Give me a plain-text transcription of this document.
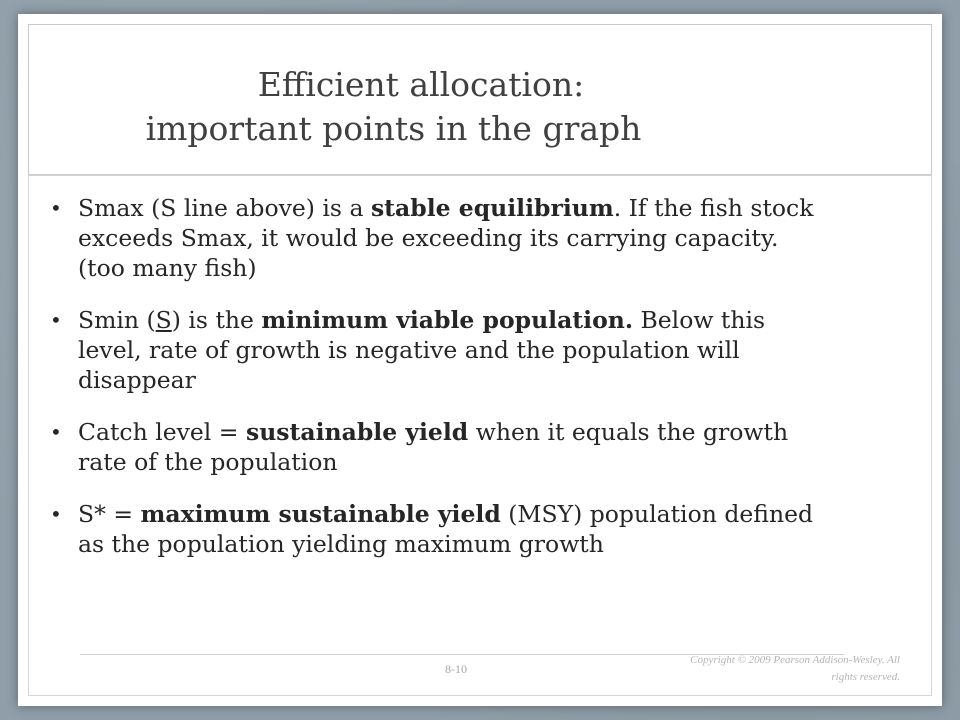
Efficient allocation:
important points in the graph
• Smax (S line above) is a stable equilibrium. If the fish stock exceeds Smax, it would be exceeding its carrying capacity. (too many fish)
• Smin (S) is the minimum viable population. Below this level, rate of growth is negative and the population will disappear
• Catch level = sustainable yield when it equals the growth rate of the population
• S* = maximum sustainable yield (MSY) population defined as the population yielding maximum growth
8-10
Copyright © 2009 Pearson Addison-Wesley. All
rights reserved.
